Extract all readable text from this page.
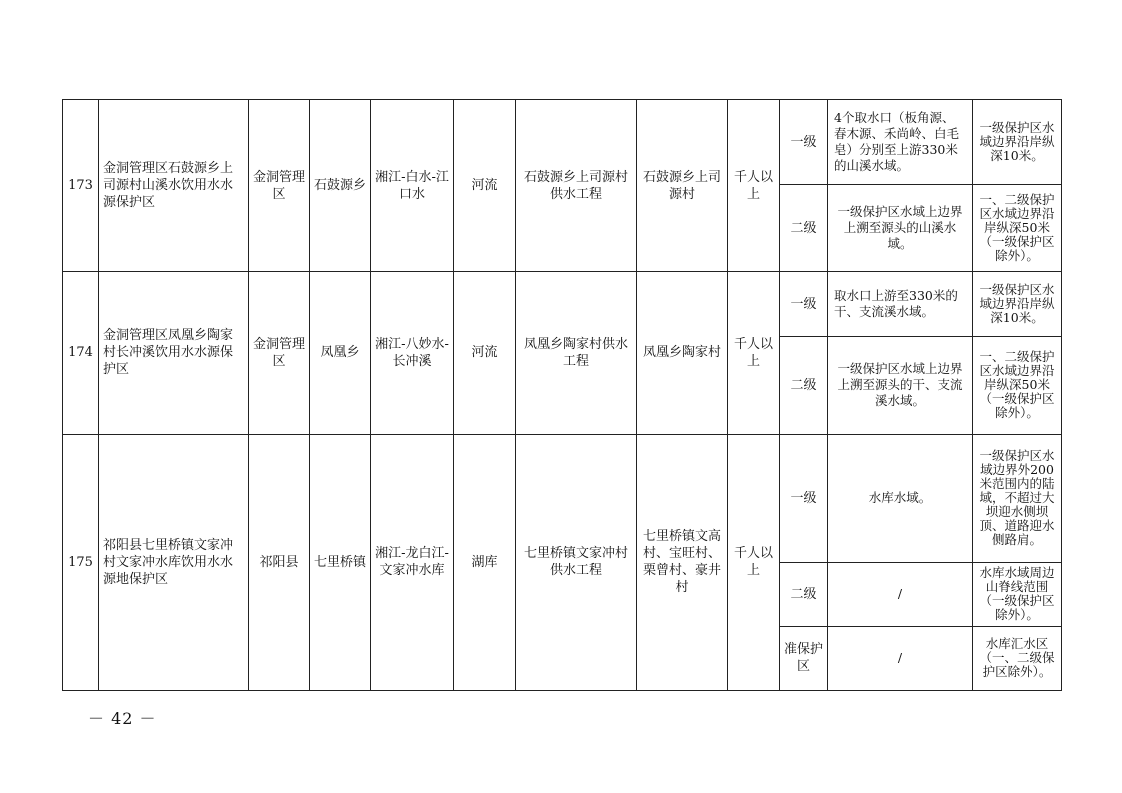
173	金洞管理区石鼓源乡上司源村山溪水饮用水水源保护区	金洞管理区	石鼓源乡	湘江-白水-江口水	河流	石鼓源乡上司源村供水工程	石鼓源乡上司源村	千人以上	一级	4个取水口（板角源、春木源、禾尚岭、白毛皂）分别至上游330米的山溪水域。	一级保护区水域边界沿岸纵深10米。
									二级	一级保护区水域上边界上溯至源头的山溪水域。	一、二级保护区水域边界沿岸纵深50米（一级保护区除外）。
174	金洞管理区凤凰乡陶家村长冲溪饮用水水源保护区	金洞管理区	凤凰乡	湘江-八妙水-长冲溪	河流	凤凰乡陶家村供水工程	凤凰乡陶家村	千人以上	一级	取水口上游至330米的干、支流溪水域。	一级保护区水域边界沿岸纵深10米。
									二级	一级保护区水域上边界上溯至源头的干、支流溪水域。	一、二级保护区水域边界沿岸纵深50米（一级保护区除外）。
175	祁阳县七里桥镇文家冲村文家冲水库饮用水水源地保护区	祁阳县	七里桥镇	湘江-龙白江-文家冲水库	湖库	七里桥镇文家冲村供水工程	七里桥镇文高村、宝旺村、栗曾村、豪井村	千人以上	一级	水库水域。	一级保护区水域边界外200米范围内的陆域，不超过大坝迎水侧坝顶、道路迎水侧路肩。
									二级	/	水库水域周边山脊线范围（一级保护区除外）。
									准保护区	/	水库汇水区（一、二级保护区除外）。
－ 42 －
